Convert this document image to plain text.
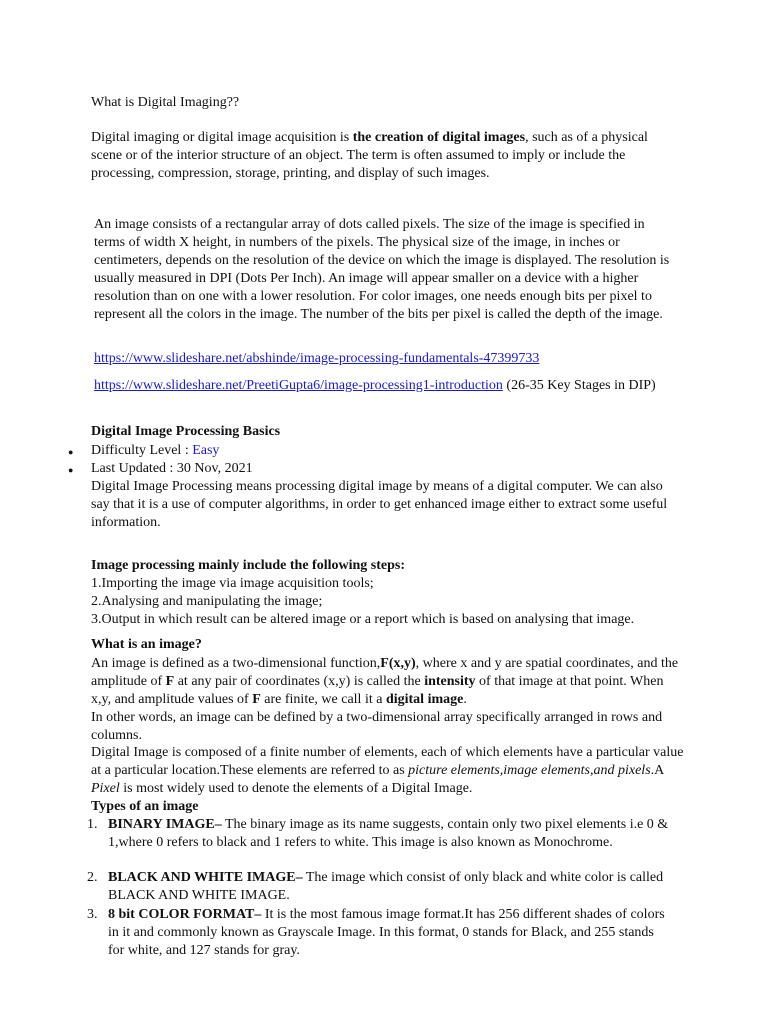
What is Digital Imaging??

Digital imaging or digital image acquisition is the creation of digital images, such as of a physical scene or of the interior structure of an object. The term is often assumed to imply or include the processing, compression, storage, printing, and display of such images.

An image consists of a rectangular array of dots called pixels. The size of the image is specified in terms of width X height, in numbers of the pixels. The physical size of the image, in inches or centimeters, depends on the resolution of the device on which the image is displayed. The resolution is usually measured in DPI (Dots Per Inch). An image will appear smaller on a device with a higher resolution than on one with a lower resolution. For color images, one needs enough bits per pixel to represent all the colors in the image. The number of the bits per pixel is called the depth of the image.

https://www.slideshare.net/abshinde/image-processing-fundamentals-47399733

https://www.slideshare.net/PreetiGupta6/image-processing1-introduction (26-35 Key Stages in DIP)

Digital Image Processing Basics

● Difficulty Level : Easy

● Last Updated : 30 Nov, 2021

Digital Image Processing means processing digital image by means of a digital computer. We can also say that it is a use of computer algorithms, in order to get enhanced image either to extract some useful information.

Image processing mainly include the following steps:

1.Importing the image via image acquisition tools;

2.Analysing and manipulating the image;

3.Output in which result can be altered image or a report which is based on analysing that image.

What is an image?

An image is defined as a two-dimensional function,F(x,y), where x and y are spatial coordinates, and the amplitude of F at any pair of coordinates (x,y) is called the intensity of that image at that point. When x,y, and amplitude values of F are finite, we call it a digital image.

In other words, an image can be defined by a two-dimensional array specifically arranged in rows and columns.

Digital Image is composed of a finite number of elements, each of which elements have a particular value at a particular location.These elements are referred to as picture elements,image elements,and pixels.A Pixel is most widely used to denote the elements of a Digital Image.

Types of an image

1. BINARY IMAGE– The binary image as its name suggests, contain only two pixel elements i.e 0 & 1,where 0 refers to black and 1 refers to white. This image is also known as Monochrome.

2. BLACK AND WHITE IMAGE– The image which consist of only black and white color is called BLACK AND WHITE IMAGE.

3. 8 bit COLOR FORMAT– It is the most famous image format.It has 256 different shades of colors in it and commonly known as Grayscale Image. In this format, 0 stands for Black, and 255 stands for white, and 127 stands for gray.
